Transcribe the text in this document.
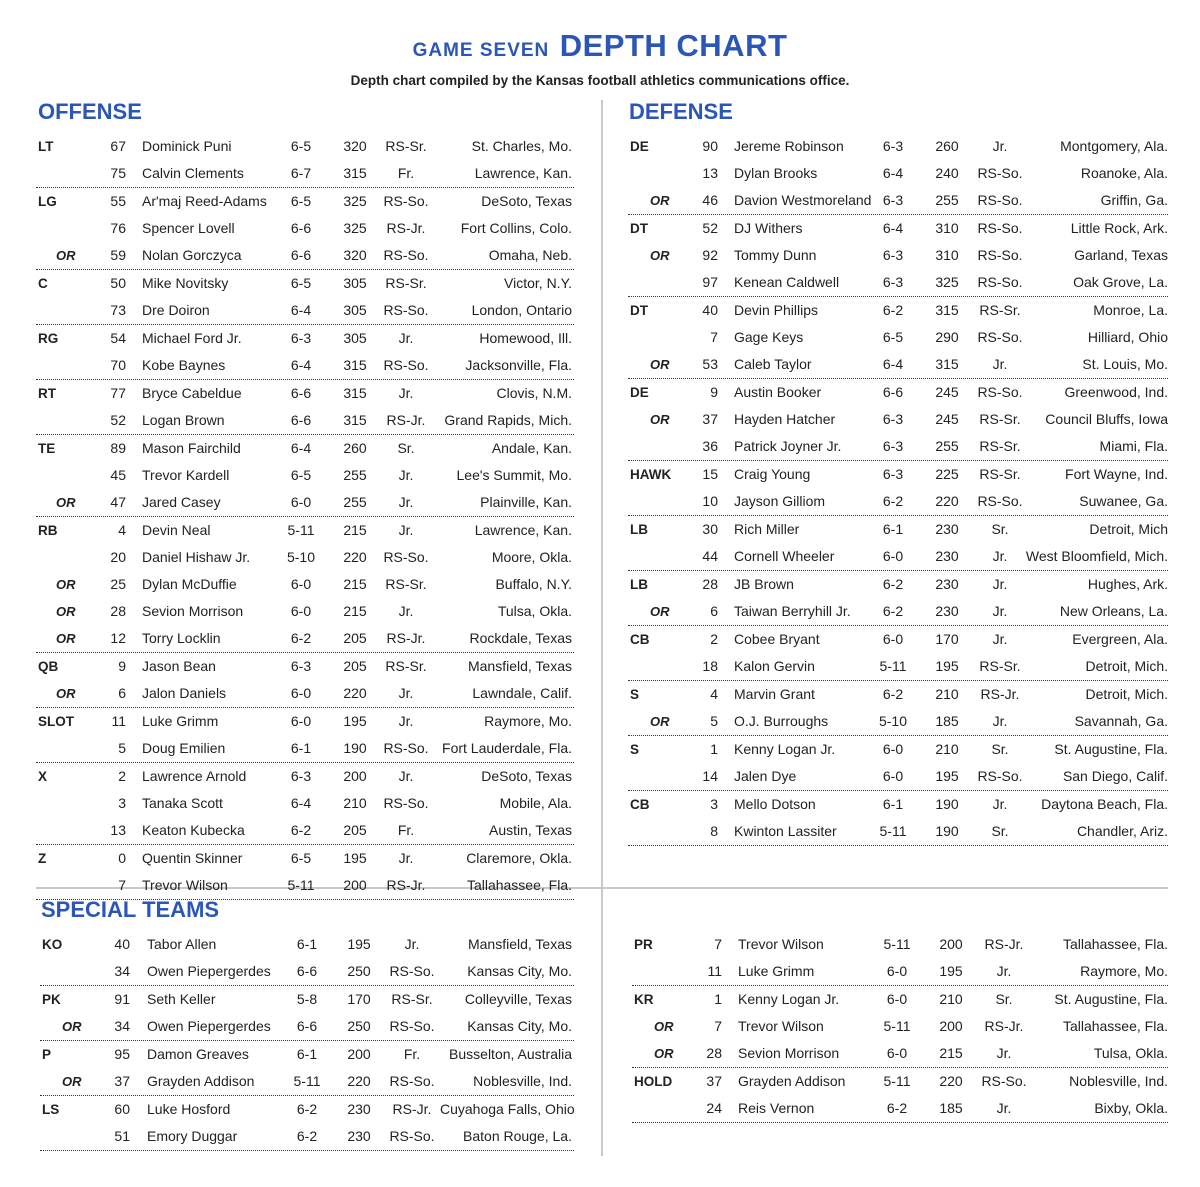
GAME SEVEN DEPTH CHART
Depth chart compiled by the Kansas football athletics communications office.
OFFENSE	DEFENSE
SPECIAL TEAMS
LT	67 Dominick Puni	6-5	320	RS-Sr.	St. Charles, Mo.
75 Calvin Clements	6-7	315	Fr.	Lawrence, Kan.
LG	55 Ar'maj Reed-Adams	6-5	325	RS-So.	DeSoto, Texas
76 Spencer Lovell	6-6	325	RS-Jr.	Fort Collins, Colo.
OR	59 Nolan Gorczyca	6-6	320	RS-So.	Omaha, Neb.
C	50 Mike Novitsky	6-5	305	RS-Sr.	Victor, N.Y.
73 Dre Doiron	6-4	305	RS-So.	London, Ontario
RG	54 Michael Ford Jr.	6-3	305	Jr.	Homewood, Ill.
70 Kobe Baynes	6-4	315	RS-So.	Jacksonville, Fla.
RT	77 Bryce Cabeldue	6-6	315	Jr.	Clovis, N.M.
52 Logan Brown	6-6	315	RS-Jr.	Grand Rapids, Mich.
TE	89 Mason Fairchild	6-4	260	Sr.	Andale, Kan.
45 Trevor Kardell	6-5	255	Jr.	Lee's Summit, Mo.
OR	47 Jared Casey	6-0	255	Jr.	Plainville, Kan.
RB	4 Devin Neal	5-11	215	Jr.	Lawrence, Kan.
20 Daniel Hishaw Jr.	5-10	220	RS-So.	Moore, Okla.
OR	25 Dylan McDuffie	6-0	215	RS-Sr.	Buffalo, N.Y.
OR	28 Sevion Morrison	6-0	215	Jr.	Tulsa, Okla.
OR	12 Torry Locklin	6-2	205	RS-Jr.	Rockdale, Texas
QB	9 Jason Bean	6-3	205	RS-Sr.	Mansfield, Texas
OR	6 Jalon Daniels	6-0	220	Jr.	Lawndale, Calif.
SLOT	11 Luke Grimm	6-0	195	Jr.	Raymore, Mo.
5 Doug Emilien	6-1	190	RS-So. Fort Lauderdale, Fla.
X	2 Lawrence Arnold	6-3	200	Jr.	DeSoto, Texas
3 Tanaka Scott	6-4	210	RS-So.	Mobile, Ala.
13 Keaton Kubecka	6-2	205	Fr.	Austin, Texas
Z	0 Quentin Skinner	6-5	195	Jr.	Claremore, Okla.
7 Trevor Wilson	5-11	200	RS-Jr.	Tallahassee, Fla.
DE	90 Jereme Robinson	6-3	260	Jr.	Montgomery, Ala.
13 Dylan Brooks	6-4	240	RS-So.	Roanoke, Ala.
OR	46 Davion Westmoreland 6-3	255	RS-So.	Griffin, Ga.
DT	52 DJ Withers	6-4	310	RS-So.	Little Rock, Ark.
OR	92 Tommy Dunn	6-3	310	RS-So.	Garland, Texas
97 Kenean Caldwell	6-3	325	RS-So.	Oak Grove, La.
DT	40 Devin Phillips	6-2	315	RS-Sr.	Monroe, La.
7 Gage Keys	6-5	290	RS-So.	Hilliard, Ohio
OR	53 Caleb Taylor	6-4	315	Jr.	St. Louis, Mo.
DE	9 Austin Booker	6-6	245	RS-So.	Greenwood, Ind.
OR	37 Hayden Hatcher	6-3	245	RS-Sr.	Council Bluffs, Iowa
36 Patrick Joyner Jr.	6-3	255	RS-Sr.	Miami, Fla.
HAWK	15 Craig Young	6-3	225	RS-Sr.	Fort Wayne, Ind.
10 Jayson Gilliom	6-2	220	RS-So.	Suwanee, Ga.
LB	30 Rich Miller	6-1	230	Sr.	Detroit, Mich
44 Cornell Wheeler	6-0	230	Jr.	West Bloomfield, Mich.
LB	28 JB Brown	6-2	230	Jr.	Hughes, Ark.
OR	6 Taiwan Berryhill Jr.	6-2	230	Jr.	New Orleans, La.
CB	2 Cobee Bryant	6-0	170	Jr.	Evergreen, Ala.
18 Kalon Gervin	5-11	195	RS-Sr.	Detroit, Mich.
S	4 Marvin Grant	6-2	210	RS-Jr.	Detroit, Mich.
OR	5 O.J. Burroughs	5-10	185	Jr.	Savannah, Ga.
S	1 Kenny Logan Jr.	6-0	210	Sr.	St. Augustine, Fla.
14 Jalen Dye	6-0	195	RS-So.	San Diego, Calif.
CB	3 Mello Dotson	6-1	190	Jr.	Daytona Beach, Fla.
8 Kwinton Lassiter	5-11	190	Sr.	Chandler, Ariz.
KO	40 Tabor Allen	6-1	195	Jr.	Mansfield, Texas
34 Owen Piepergerdes	6-6	250	RS-So.	Kansas City, Mo.
PK	91 Seth Keller	5-8	170	RS-Sr.	Colleyville, Texas
OR	34 Owen Piepergerdes	6-6	250	RS-So.	Kansas City, Mo.
P	95 Damon Greaves	6-1	200	Fr.	Busselton, Australia
OR	37 Grayden Addison	5-11	220	RS-So.	Noblesville, Ind.
LS	60 Luke Hosford	6-2	230	RS-Jr. Cuyahoga Falls, Ohio
51 Emory Duggar	6-2	230	RS-So.	Baton Rouge, La.
PR	7 Trevor Wilson	5-11	200	RS-Jr.	Tallahassee, Fla.
11 Luke Grimm	6-0	195	Jr.	Raymore, Mo.
KR	1 Kenny Logan Jr.	6-0	210	Sr.	St. Augustine, Fla.
OR	7 Trevor Wilson	5-11	200	RS-Jr.	Tallahassee, Fla.
OR	28 Sevion Morrison	6-0	215	Jr.	Tulsa, Okla.
HOLD	37 Grayden Addison	5-11	220	RS-So.	Noblesville, Ind.
24 Reis Vernon	6-2	185	Jr.	Bixby, Okla.
